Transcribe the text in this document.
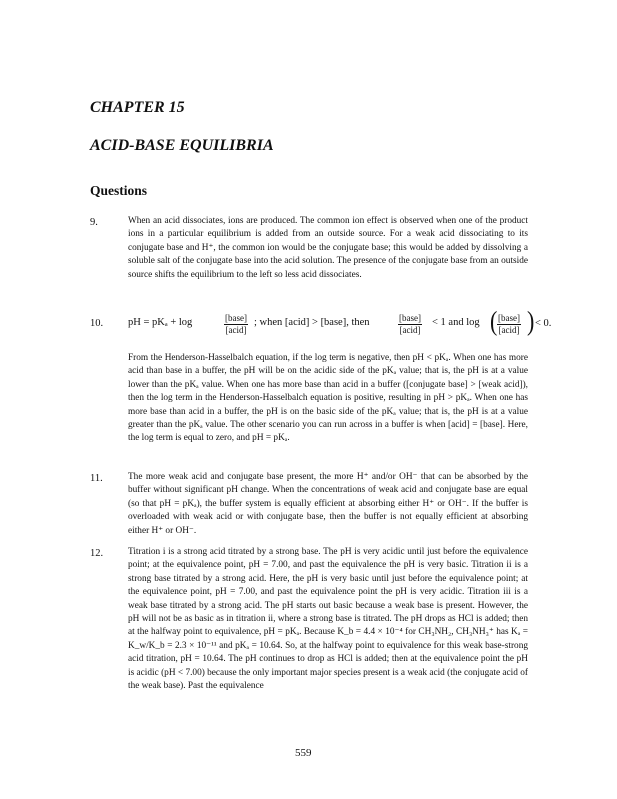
CHAPTER 15
ACID-BASE EQUILIBRIA
Questions
9.	When an acid dissociates, ions are produced. The common ion effect is observed when one of the product ions in a particular equilibrium is added from an outside source. For a weak acid dissociating to its conjugate base and H⁺, the common ion would be the conjugate base; this would be added by dissolving a soluble salt of the conjugate base into the acid solution. The presence of the conjugate base from an outside source shifts the equilibrium to the left so less acid dissociates.

10. pH = pKₐ + log	[base]
[acid]
; when [acid] > [base], then	[base]
[acid]
< 1 and log ( [base]
[acid] ) < 0.

From the Henderson-Hasselbalch equation, if the log term is negative, then pH < pKₐ. When one has more acid than base in a buffer, the pH will be on the acidic side of the pKₐ value; that is, the pH is at a value lower than the pKₐ value. When one has more base than acid in a buffer ([conjugate base] > [weak acid]), then the log term in the Henderson-Hasselbalch equation is positive, resulting in pH > pKₐ. When one has more base than acid in a buffer, the pH is on the basic side of the pKₐ value; that is, the pH is at a value greater than the pKₐ value. The other scenario you can run across in a buffer is when [acid] = [base]. Here, the log term is equal to zero, and pH = pKₐ.

11.	The more weak acid and conjugate base present, the more H⁺ and/or OH⁻ that can be absorbed by the buffer without significant pH change. When the concentrations of weak acid and conjugate base are equal (so that pH = pKₐ), the buffer system is equally efficient at absorbing either H⁺ or OH⁻. If the buffer is overloaded with weak acid or with conjugate base, then the buffer is not equally efficient at absorbing either H⁺ or OH⁻.

12.	Titration i is a strong acid titrated by a strong base. The pH is very acidic until just before the equivalence point; at the equivalence point, pH = 7.00, and past the equivalence the pH is very basic. Titration ii is a strong base titrated by a strong acid. Here, the pH is very basic until just before the equivalence point; at the equivalence point, pH = 7.00, and past the equivalence point the pH is very acidic. Titration iii is a weak base titrated by a strong acid. The pH starts out basic because a weak base is present. However, the pH will not be as basic as in titration ii, where a strong base is titrated. The pH drops as HCl is added; then at the halfway point to equivalence, pH = pKₐ. Because K_b = 4.4 × 10⁻⁴ for CH₃NH₂, CH₃NH₃⁺ has Kₐ = K_w/K_b = 2.3 × 10⁻¹¹ and pKₐ = 10.64. So, at the halfway point to equivalence for this weak base-strong acid titration, pH = 10.64. The pH continues to drop as HCl is added; then at the equivalence point the pH is acidic (pH < 7.00) because the only important major species present is a weak acid (the conjugate acid of the weak base). Past the equivalence

559
